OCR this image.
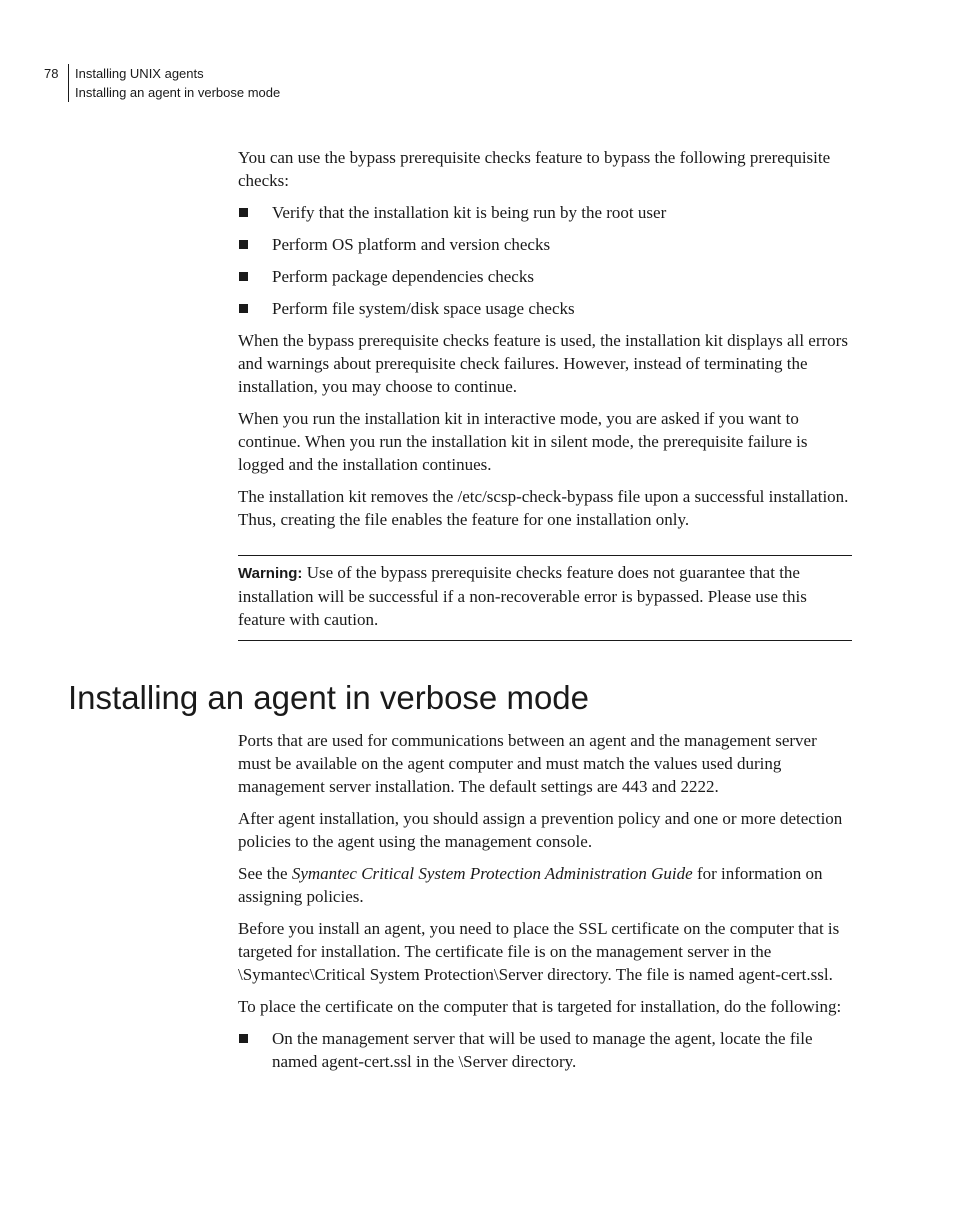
78	Installing UNIX agents
Installing an agent in verbose mode

You can use the bypass prerequisite checks feature to bypass the following prerequisite checks:

Verify that the installation kit is being run by the root user
Perform OS platform and version checks
Perform package dependencies checks
Perform file system/disk space usage checks

When the bypass prerequisite checks feature is used, the installation kit displays all errors and warnings about prerequisite check failures. However, instead of terminating the installation, you may choose to continue.

When you run the installation kit in interactive mode, you are asked if you want to continue. When you run the installation kit in silent mode, the prerequisite failure is logged and the installation continues.

The installation kit removes the /etc/scsp-check-bypass file upon a successful installation. Thus, creating the file enables the feature for one installation only.

Warning: Use of the bypass prerequisite checks feature does not guarantee that the installation will be successful if a non-recoverable error is bypassed. Please use this feature with caution.
Installing an agent in verbose mode

Ports that are used for communications between an agent and the management server must be available on the agent computer and must match the values used during management server installation. The default settings are 443 and 2222.

After agent installation, you should assign a prevention policy and one or more detection policies to the agent using the management console.

See the Symantec Critical System Protection Administration Guide for information on assigning policies.

Before you install an agent, you need to place the SSL certificate on the computer that is targeted for installation. The certificate file is on the management server in the \Symantec\Critical System Protection\Server directory. The file is named agent-cert.ssl.

To place the certificate on the computer that is targeted for installation, do the following:

On the management server that will be used to manage the agent, locate the file named agent-cert.ssl in the \Server directory.
